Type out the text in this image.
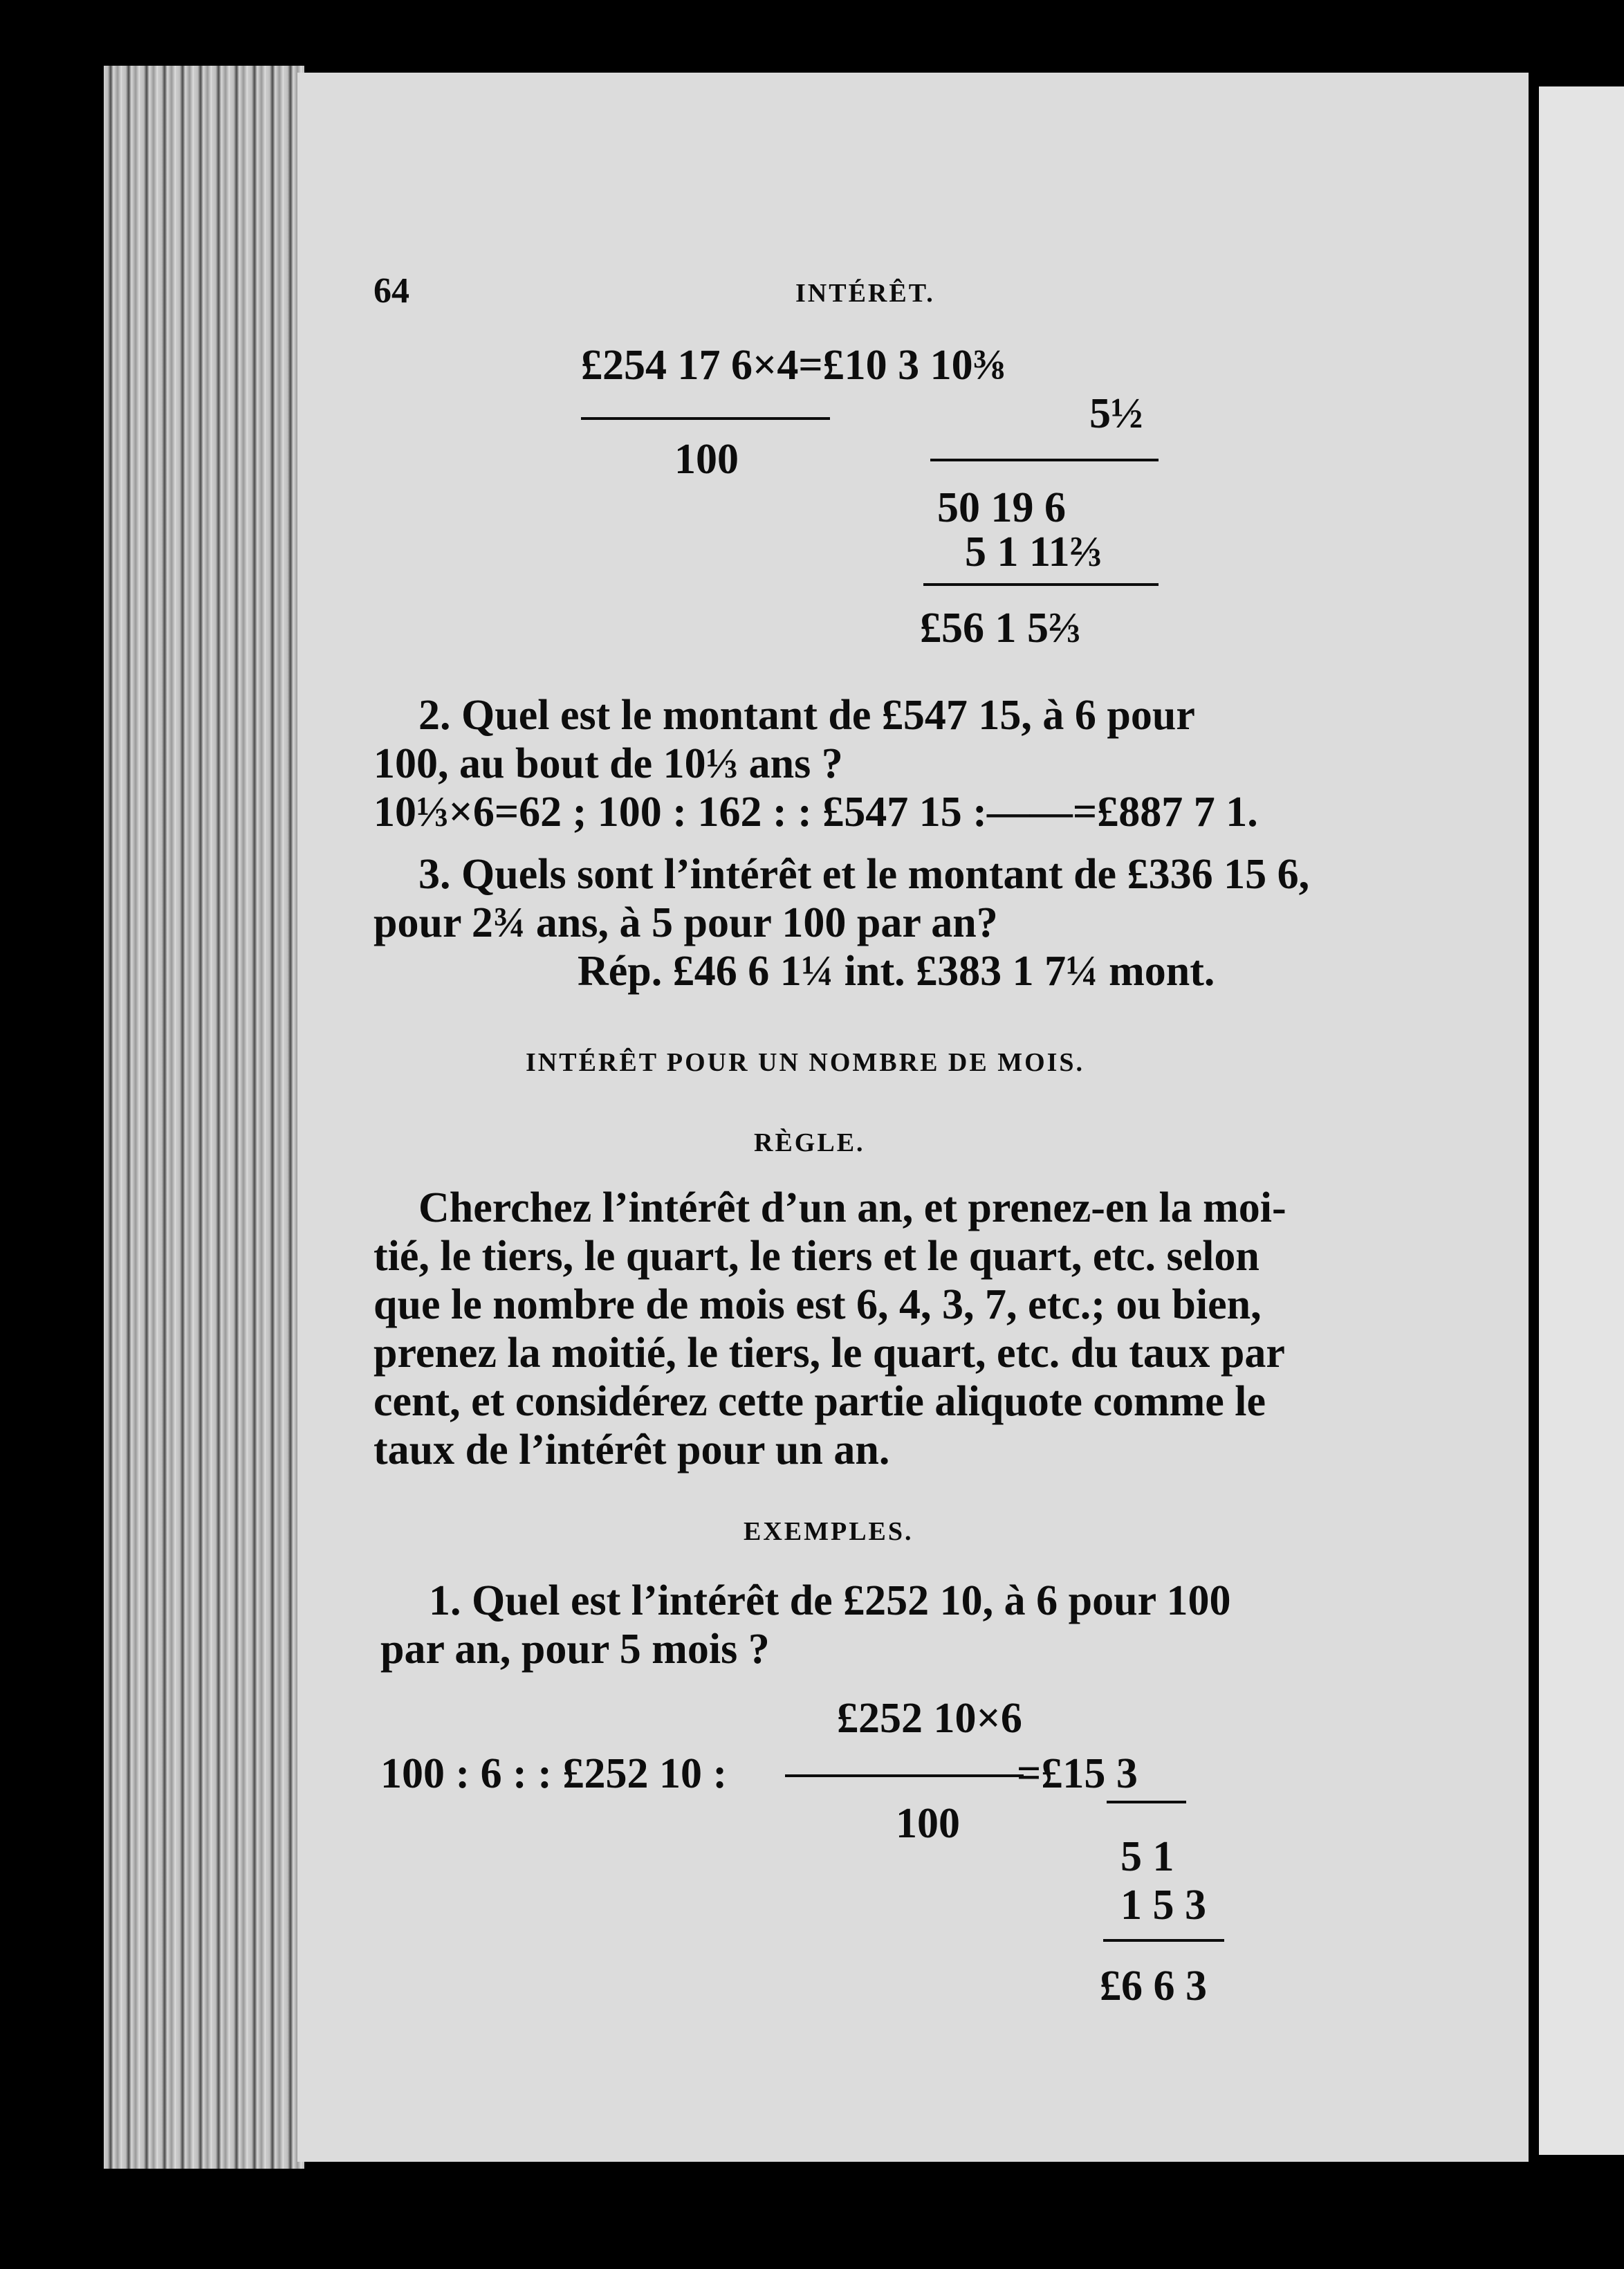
64	INTÉRÊT.
£254 17 6×4=£10 3 10⅜
5½
100
50 19 6
5 1 11⅔
£56 1 5⅔
2. Quel est le montant de £547 15, à 6 pour
100, au bout de 10⅓ ans ?
10⅓×6=62 ; 100 : 162 : : £547 15 :——=£887 7 1.
3. Quels sont l’intérêt et le montant de £336 15 6,
pour 2¾ ans, à 5 pour 100 par an?
Rép. £46 6 1¼ int. £383 1 7¼ mont.
INTÉRÊT POUR UN NOMBRE DE MOIS.
RÈGLE.
Cherchez l’intérêt d’un an, et prenez-en la moi-
tié, le tiers, le quart, le tiers et le quart, etc. selon
que le nombre de mois est 6, 4, 3, 7, etc.; ou bien,
prenez la moitié, le tiers, le quart, etc. du taux par
cent, et considérez cette partie aliquote comme le
taux de l’intérêt pour un an.
EXEMPLES.
1. Quel est l’intérêt de £252 10, à 6 pour 100
par an, pour 5 mois ?
£252 10×6
100 : 6 : : £252 10 :	=£15 3
100
5 1
1 5 3
£6 6 3
